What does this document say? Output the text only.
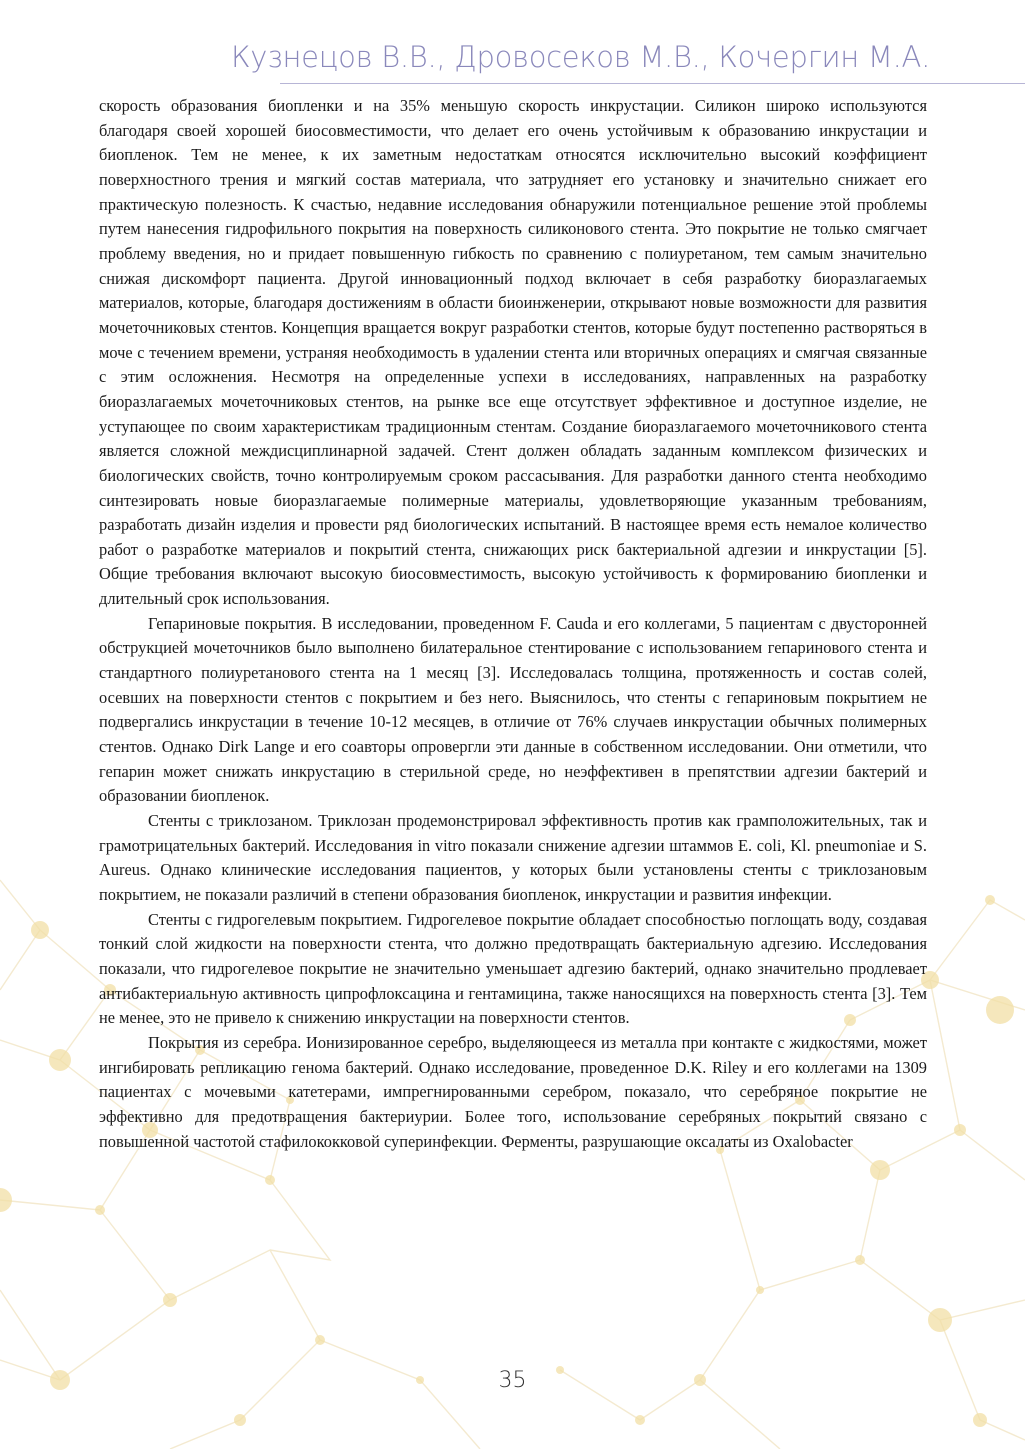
Кузнецов В.В., Дровосеков М.В., Кочергин М.А.

скорость образования биопленки и на 35% меньшую скорость инкрустации. Силикон широко используются благодаря своей хорошей биосовместимости, что делает его очень устойчивым к образованию инкрустации и биопленок. Тем не менее, к их заметным недостаткам относятся исключительно высокий коэффициент поверхностного трения и мягкий состав материала, что затрудняет его установку и значительно снижает его практическую полезность. К счастью, недавние исследования обнаружили потенциальное решение этой проблемы путем нанесения гидрофильного покрытия на поверхность силиконового стента. Это покрытие не только смягчает проблему введения, но и придает повышенную гибкость по сравнению с полиуретаном, тем самым значительно снижая дискомфорт пациента. Другой инновационный подход включает в себя разработку биоразлагаемых материалов, которые, благодаря достижениям в области биоинженерии, открывают новые возможности для развития мочеточниковых стентов. Концепция вращается вокруг разработки стентов, которые будут постепенно растворяться в моче с течением времени, устраняя необходимость в удалении стента или вторичных операциях и смягчая связанные с этим осложнения. Несмотря на определенные успехи в исследованиях, направленных на разработку биоразлагаемых мочеточниковых стентов, на рынке все еще отсутствует эффективное и доступное изделие, не уступающее по своим характеристикам традиционным стентам. Создание биоразлагаемого мочеточникового стента является сложной междисциплинарной задачей. Стент должен обладать заданным комплексом физических и биологических свойств, точно контролируемым сроком рассасывания. Для разработки данного стента необходимо синтезировать новые биоразлагаемые полимерные материалы, удовлетворяющие указанным требованиям, разработать дизайн изделия и провести ряд биологических испытаний. В настоящее время есть немалое количество работ о разработке материалов и покрытий стента, снижающих риск бактериальной адгезии и инкрустации [5]. Общие требования включают высокую биосовместимость, высокую устойчивость к формированию биопленки и длительный срок использования.

Гепариновые покрытия. В исследовании, проведенном F. Cauda и его коллегами, 5 пациентам с двусторонней обструкцией мочеточников было выполнено билатеральное стентирование с использованием гепаринового стента и стандартного полиуретанового стента на 1 месяц [3]. Исследовалась толщина, протяженность и состав солей, осевших на поверхности стентов с покрытием и без него. Выяснилось, что стенты с гепариновым покрытием не подвергались инкрустации в течение 10-12 месяцев, в отличие от 76% случаев инкрустации обычных полимерных стентов. Однако Dirk Lange и его соавторы опровергли эти данные в собственном исследовании. Они отметили, что гепарин может снижать инкрустацию в стерильной среде, но неэффективен в препятствии адгезии бактерий и образовании биопленок.

Стенты с триклозаном. Триклозан продемонстрировал эффективность против как грамположительных, так и грамотрицательных бактерий. Исследования in vitro показали снижение адгезии штаммов E. coli, Kl. pneumoniae и S. Aureus. Однако клинические исследования пациентов, у которых были установлены стенты с триклозановым покрытием, не показали различий в степени образования биопленок, инкрустации и развития инфекции.

Стенты с гидрогелевым покрытием. Гидрогелевое покрытие обладает способностью поглощать воду, создавая тонкий слой жидкости на поверхности стента, что должно предотвращать бактериальную адгезию. Исследования показали, что гидрогелевое покрытие не значительно уменьшает адгезию бактерий, однако значительно продлевает антибактериальную активность ципрофлоксацина и гентамицина, также наносящихся на поверхность стента [3]. Тем не менее, это не привело к снижению инкрустации на поверхности стентов.

Покрытия из серебра. Ионизированное серебро, выделяющееся из металла при контакте с жидкостями, может ингибировать репликацию генома бактерий. Однако исследование, проведенное D.K. Riley и его коллегами на 1309 пациентах с мочевыми катетерами, импрегнированными серебром, показало, что серебряное покрытие не эффективно для предотвращения бактериурии. Более того, использование серебряных покрытий связано с повышенной частотой стафилококковой суперинфекции. Ферменты, разрушающие оксалаты из Oxalobacter

35
